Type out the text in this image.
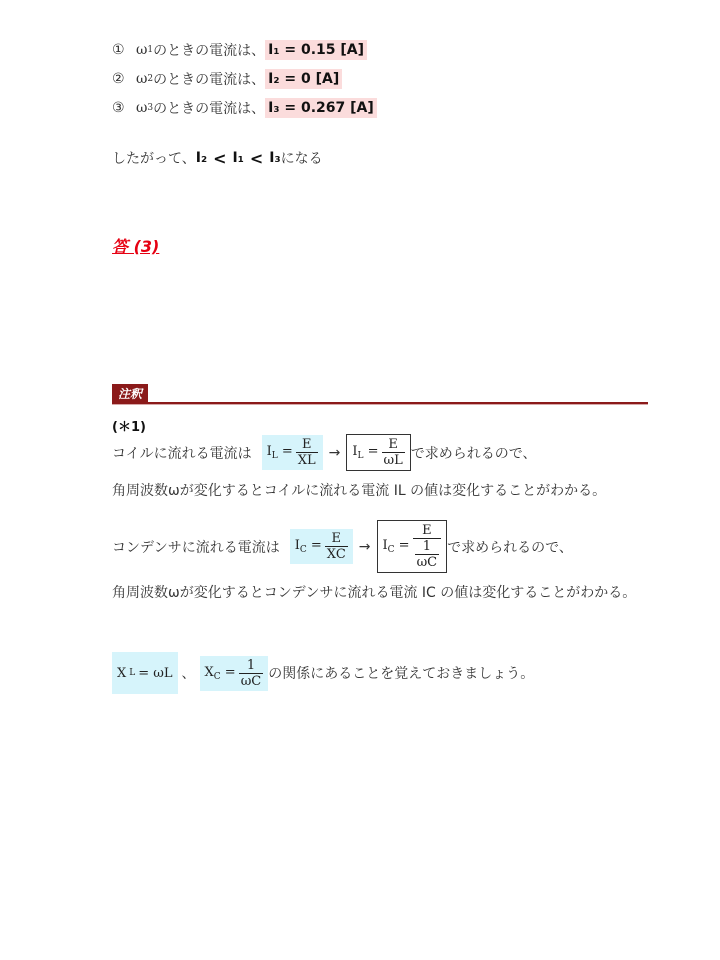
① ω 1 のときの電流は、 I₁ = 0.15 [A]
② ω 2 のときの電流は、 I₂ = 0 [A]
③ ω 3 のときの電流は、 I₃ = 0.267 [A]
したがって、 I₂ < I₁ < I₃ になる
答 (3)
注釈
(＊1)
コイルに流れる電流は $I_L = \frac{E}{XL} \to I_L = \frac{E}{\omega L}$ で求められるので、
角周波数ωが変化するとコイルに流れる電流 IL の値は変化することがわかる。
コンデンサに流れる電流は $I_C = \frac{E}{XC} \to I_C = \frac{E}{\frac{1}{\omega C}}$ で求められるので、
角周波数ωが変化するとコンデンサに流れる電流 IC の値は変化することがわかる。
X L = ωL 、 $X_C = \frac{1}{\omega C}$ の関係にあることを覚えておきましょう。
